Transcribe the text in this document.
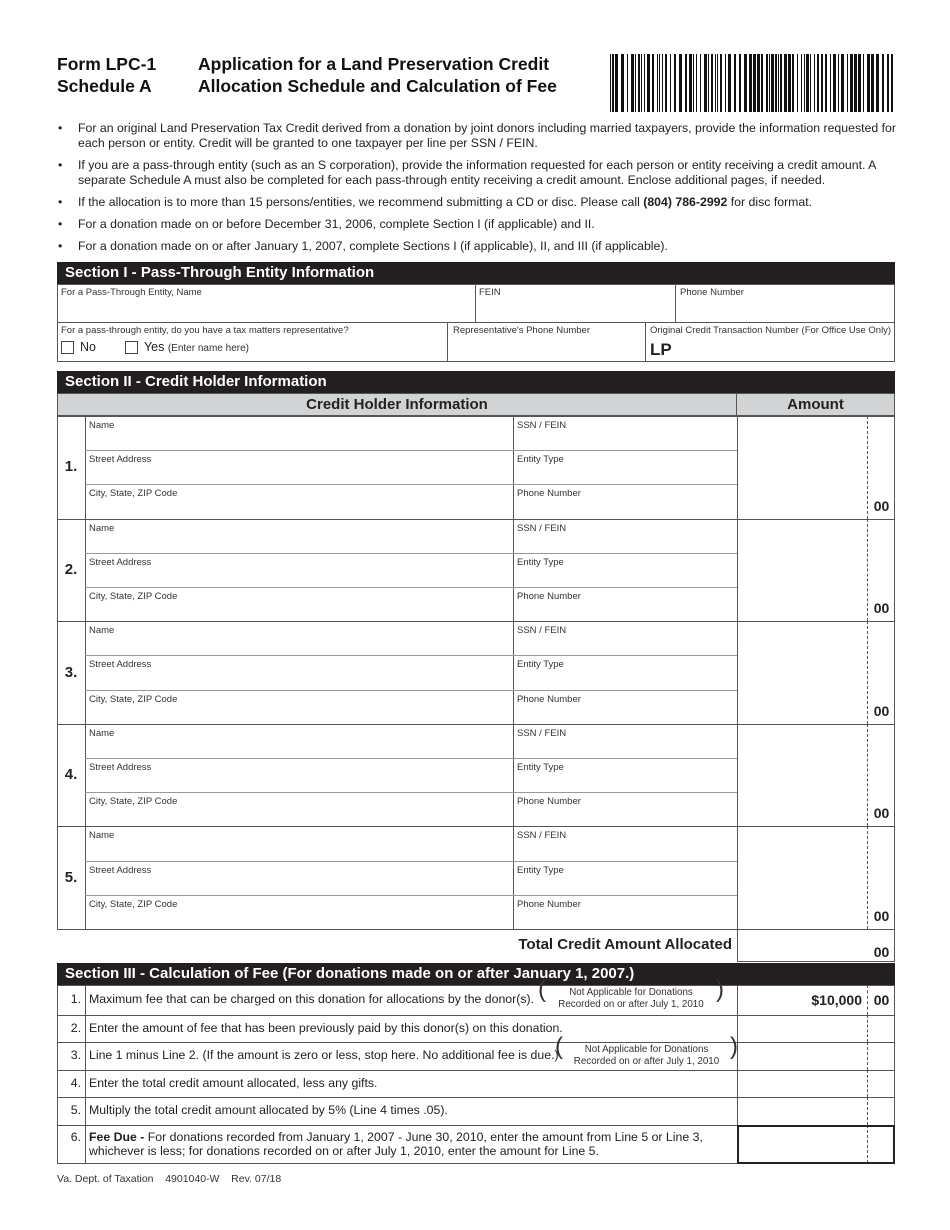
Form LPC-1
Schedule A
Application for a Land Preservation Credit
Allocation Schedule and Calculation of Fee
• For an original Land Preservation Tax Credit derived from a donation by joint donors including married taxpayers, provide the information requested for each person or entity. Credit will be granted to one taxpayer per line per SSN / FEIN.
• If you are a pass-through entity (such as an S corporation), provide the information requested for each person or entity receiving a credit amount. A separate Schedule A must also be completed for each pass-through entity receiving a credit amount. Enclose additional pages, if needed.
• If the allocation is to more than 15 persons/entities, we recommend submitting a CD or disc. Please call (804) 786-2992 for disc format.
• For a donation made on or before December 31, 2006, complete Section I (if applicable) and II.
• For a donation made on or after January 1, 2007, complete Sections I (if applicable), II, and III (if applicable).
Section I - Pass-Through Entity Information
For a Pass-Through Entity, Name	FEIN	Phone Number
For a pass-through entity, do you have a tax matters representative?
No	Yes (Enter name here)
Representative's Phone Number	Original Credit Transaction Number (For Office Use Only)
LP
Section II - Credit Holder Information
Credit Holder Information	Amount
1.
Name	SSN / FEIN
Street Address	Entity Type
City, State, ZIP Code	Phone Number
00
2.
Name	SSN / FEIN
Street Address	Entity Type
City, State, ZIP Code	Phone Number
00
3.
Name	SSN / FEIN
Street Address	Entity Type
City, State, ZIP Code	Phone Number
00
4.
Name	SSN / FEIN
Street Address	Entity Type
City, State, ZIP Code	Phone Number
00
5.
Name	SSN / FEIN
Street Address	Entity Type
City, State, ZIP Code	Phone Number
00
Total Credit Amount Allocated	00
Section III - Calculation of Fee (For donations made on or after January 1, 2007.)
1. Maximum fee that can be charged on this donation for allocations by the donor(s).	( Not Applicable for Donations
Recorded on or after July 1, 2010
)	$10,000 00
2. Enter the amount of fee that has been previously paid by this donor(s) on this donation.
3. Line 1 minus Line 2. (If the amount is zero or less, stop here. No additional fee is due.)	( Not Applicable for Donations
Recorded on or after July 1, 2010
)
4. Enter the total credit amount allocated, less any gifts.
5. Multiply the total credit amount allocated by 5% (Line 4 times .05).
6. Fee Due - For donations recorded from January 1, 2007 - June 30, 2010, enter the amount from Line 5 or Line 3, whichever is less; for donations recorded on or after July 1, 2010, enter the amount for Line 5.
Va. Dept. of Taxation 4901040-W Rev. 07/18
